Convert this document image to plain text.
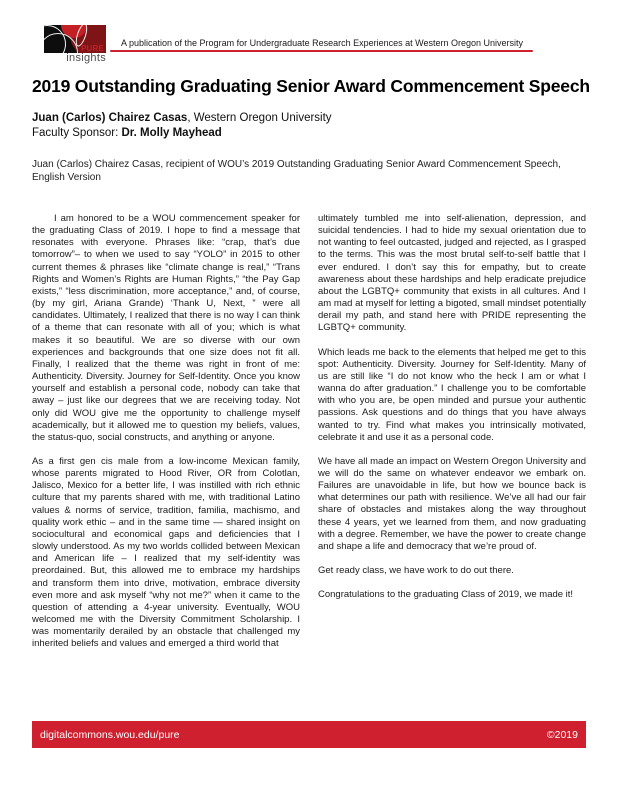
PURE
insights
A publication of the Program for Undergraduate Research Experiences at Western Oregon University
2019 Outstanding Graduating Senior Award Commencement Speech
Juan (Carlos) Chairez Casas, Western Oregon University
Faculty Sponsor: Dr. Molly Mayhead
Juan (Carlos) Chairez Casas, recipient of WOU’s 2019 Outstanding Graduating Senior Award Commencement Speech, English Version

I am honored to be a WOU commencement speaker for the graduating Class of 2019. I hope to find a message that resonates with everyone. Phrases like: “crap, that’s due tomorrow”– to when we used to say “YOLO” in 2015 to other current themes & phrases like “climate change is real,” “Trans Rights and Women’s Rights are Human Rights,” “the Pay Gap exists,” “less discrimination, more acceptance,” and, of course, (by my girl, Ariana Grande) ‘Thank U, Next, ” were all candidates. Ultimately, I realized that there is no way I can think of a theme that can resonate with all of you; which is what makes it so beautiful. We are so diverse with our own experiences and backgrounds that one size does not fit all. Finally, I realized that the theme was right in front of me: Authenticity. Diversity. Journey for Self-Identity. Once you know yourself and establish a personal code, nobody can take that away – just like our degrees that we are receiving today. Not only did WOU give me the opportunity to challenge myself academically, but it allowed me to question my beliefs, values, the status-quo, social constructs, and anything or anyone.

As a first gen cis male from a low-income Mexican family, whose parents migrated to Hood River, OR from Colotlan, Jalisco, Mexico for a better life, I was instilled with rich ethnic culture that my parents shared with me, with traditional Latino values & norms of service, tradition, familia, machismo, and quality work ethic – and in the same time — shared insight on sociocultural and economical gaps and deficiencies that I slowly understood. As my two worlds collided between Mexican and American life – I realized that my self-identity was preordained. But, this allowed me to embrace my hardships and transform them into drive, motivation, embrace diversity even more and ask myself “why not me?” when it came to the question of attending a 4-year university. Eventually, WOU welcomed me with the Diversity Commitment Scholarship. I was momentarily derailed by an obstacle that challenged my inherited beliefs and values and emerged a third world that

ultimately tumbled me into self-alienation, depression, and suicidal tendencies. I had to hide my sexual orientation due to not wanting to feel outcasted, judged and rejected, as I grasped to the terms. This was the most brutal self-to-self battle that I ever endured. I don’t say this for empathy, but to create awareness about these hardships and help eradicate prejudice about the LGBTQ+ community that exists in all cultures. And I am mad at myself for letting a bigoted, small mindset potentially derail my path, and stand here with PRIDE representing the LGBTQ+ community.

Which leads me back to the elements that helped me get to this spot: Authenticity. Diversity. Journey for Self-Identity. Many of us are still like “I do not know who the heck I am or what I wanna do after graduation.” I challenge you to be comfortable with who you are, be open minded and pursue your authentic passions. Ask questions and do things that you have always wanted to try. Find what makes you intrinsically motivated, celebrate it and use it as a personal code.

We have all made an impact on Western Oregon University and we will do the same on whatever endeavor we embark on. Failures are unavoidable in life, but how we bounce back is what determines our path with resilience. We’ve all had our fair share of obstacles and mistakes along the way throughout these 4 years, yet we learned from them, and now graduating with a degree. Remember, we have the power to create change and shape a life and democracy that we’re proud of.

Get ready class, we have work to do out there.

Congratulations to the graduating Class of 2019, we made it!

digitalcommons.wou.edu/pure	©2019
